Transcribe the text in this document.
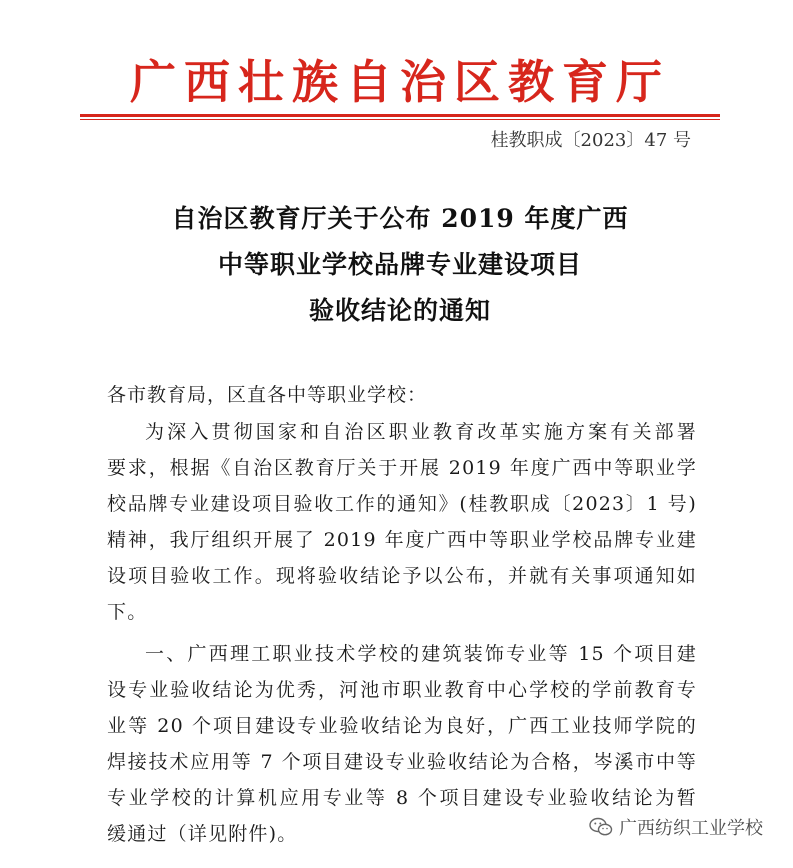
广西壮族自治区教育厅
桂教职成〔2023〕47 号
自治区教育厅关于公布 2019 年度广西
中等职业学校品牌专业建设项目
验收结论的通知
各市教育局，区直各中等职业学校：
为深入贯彻国家和自治区职业教育改革实施方案有关部署
要求，根据《自治区教育厅关于开展 2019 年度广西中等职业学
校品牌专业建设项目验收工作的通知》(桂教职成〔2023〕1 号)
精神，我厅组织开展了 2019 年度广西中等职业学校品牌专业建
设项目验收工作。现将验收结论予以公布，并就有关事项通知如
下。
一、广西理工职业技术学校的建筑装饰专业等 15 个项目建
设专业验收结论为优秀，河池市职业教育中心学校的学前教育专
业等 20 个项目建设专业验收结论为良好，广西工业技师学院的
焊接技术应用等 7 个项目建设专业验收结论为合格，岑溪市中等
专业学校的计算机应用专业等 8 个项目建设专业验收结论为暂
缓通过（详见附件)。	广西纺织工业学校
